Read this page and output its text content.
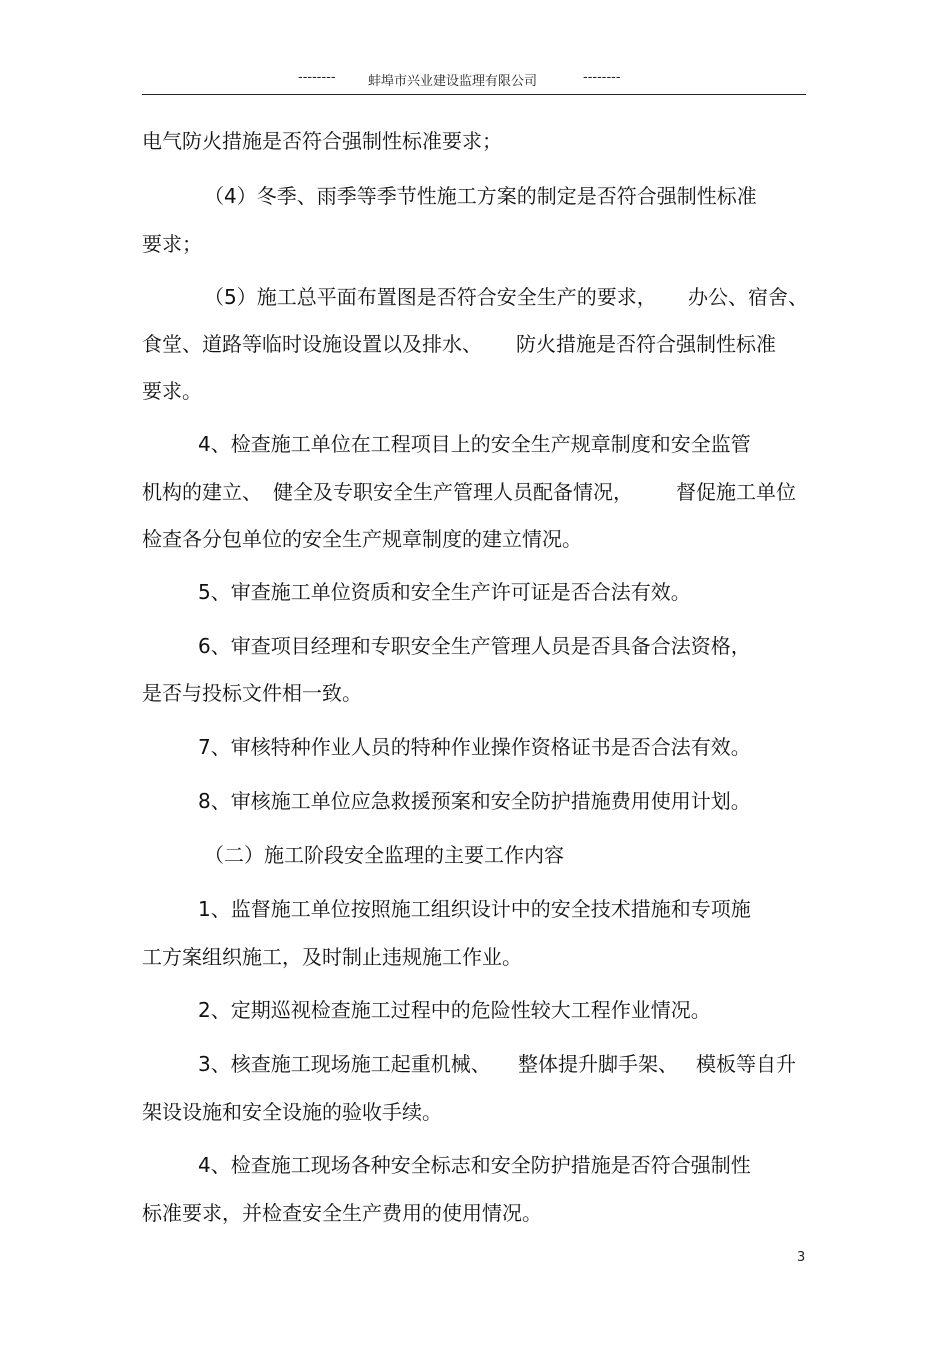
-------- 蚌埠市兴业建设监理有限公司	--------
电气防火措施是否符合强制性标准要求；
（4）冬季、雨季等季节性施工方案的制定是否符合强制性标准
要求；
（5）施工总平面布置图是否符合安全生产的要求， 办公、宿舍、
食堂、道路等临时设施设置以及排水、 防火措施是否符合强制性标准
要求。
4、检查施工单位在工程项目上的安全生产规章制度和安全监管
机构的建立、 健全及专职安全生产管理人员配备情况， 督促施工单位
检查各分包单位的安全生产规章制度的建立情况。
5、审查施工单位资质和安全生产许可证是否合法有效。
6、审查项目经理和专职安全生产管理人员是否具备合法资格，
是否与投标文件相一致。
7、审核特种作业人员的特种作业操作资格证书是否合法有效。
8、审核施工单位应急救援预案和安全防护措施费用使用计划。
（二）施工阶段安全监理的主要工作内容
1、监督施工单位按照施工组织设计中的安全技术措施和专项施
工方案组织施工，及时制止违规施工作业。
2、定期巡视检查施工过程中的危险性较大工程作业情况。
3、核查施工现场施工起重机械、 整体提升脚手架、 模板等自升
架设设施和安全设施的验收手续。
4、检查施工现场各种安全标志和安全防护措施是否符合强制性
标准要求，并检查安全生产费用的使用情况。
3
